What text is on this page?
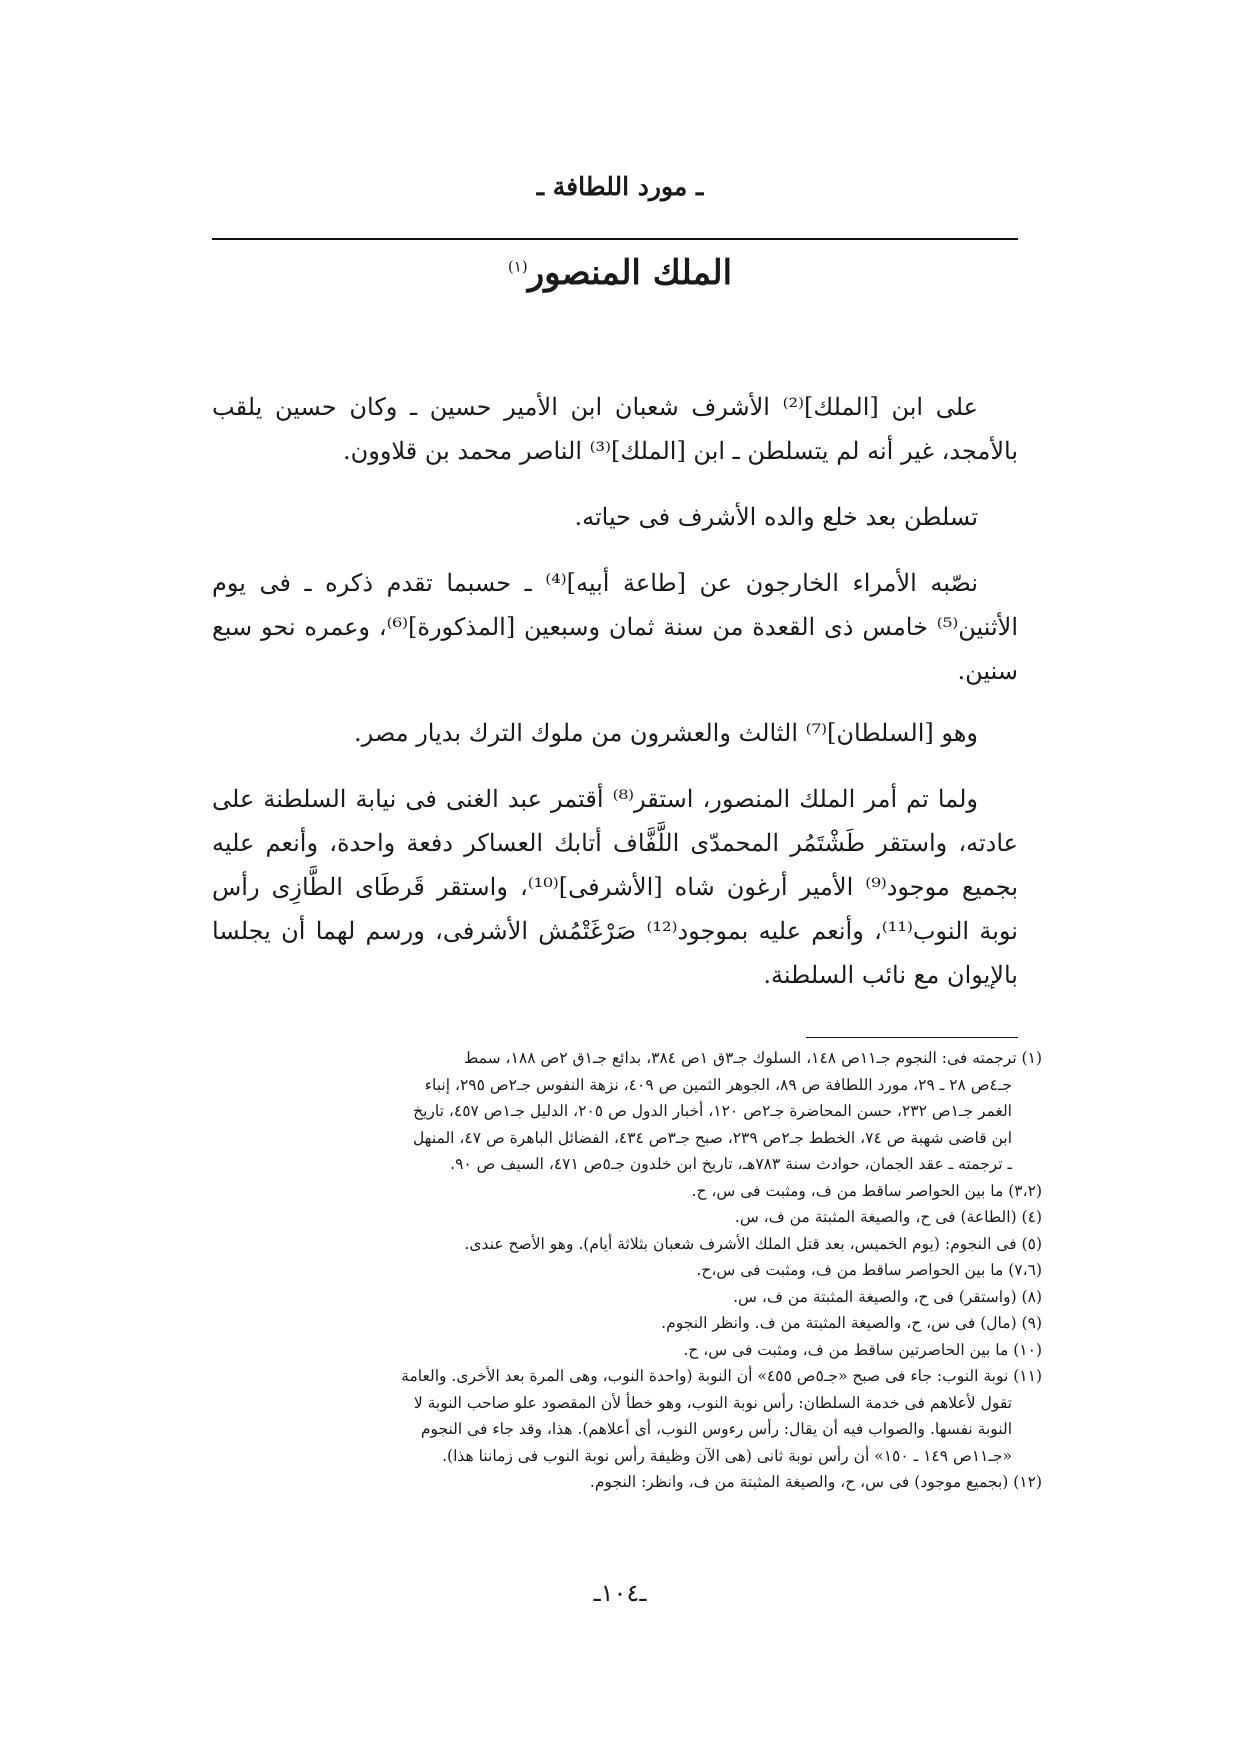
ـ مورد اللطافة ـ
الملك المنصور$^{(١)}$

على ابن [الملك]⁽²⁾ الأشرف شعبان ابن الأمير حسين ـ وكان حسين يلقب بالأمجد، غير أنه لم يتسلطن ـ ابن [الملك]⁽³⁾ الناصر محمد بن قلاوون.

تسلطن بعد خلع والده الأشرف فى حياته.

نصّبه الأمراء الخارجون عن [طاعة أبيه]⁽⁴⁾ ـ حسبما تقدم ذكره ـ فى يوم الأثنين⁽⁵⁾ خامس ذى القعدة من سنة ثمان وسبعين [المذكورة]⁽⁶⁾، وعمره نحو سبع سنين.

وهو [السلطان]⁽⁷⁾ الثالث والعشرون من ملوك الترك بديار مصر.

ولما تم أمر الملك المنصور، استقر⁽⁸⁾ أقتمر عبد الغنى فى نيابة السلطنة على عادته، واستقر طَشْتَمُر المحمدّى اللَّفَّاف أتابك العساكر دفعة واحدة، وأنعم عليه بجميع موجود⁽⁹⁾ الأمير أرغون شاه [الأشرفى]⁽¹⁰⁾، واستقر قَرطَاى الطَّازِى رأس نوبة النوب⁽¹¹⁾، وأنعم عليه بموجود⁽¹²⁾ صَرْغَتْمُش الأشرفى، ورسم لهما أن يجلسا بالإيوان مع نائب السلطنة.

(١) ترجمته فى: النجوم جـ١١ص ١٤٨، السلوك جـ٣ق ١ص ٣٨٤، بدائع جـ١ق ٢ص ١٨٨، سمط
جـ٤ص ٢٨ ـ ٢٩، مورد اللطافة ص ٨٩، الجوهر الثمين ص ٤٠٩، نزهة النفوس جـ٢ص ٢٩٥، إنباء
الغمر جـ١ص ٢٣٢، حسن المحاضرة جـ٢ص ١٢٠، أخبار الدول ص ٢٠٥، الدليل جـ١ص ٤٥٧، تاريخ
ابن قاضى شهبة ص ٧٤، الخطط جـ٢ص ٢٣٩، صبح جـ٣ص ٤٣٤، الفضائل الباهرة ص ٤٧، المنهل
ـ ترجمته ـ عقد الجمان، حوادث سنة ٧٨٣هـ، تاريخ ابن خلدون جـ٥ص ٤٧١، السيف ص ٩٠.
(٣،٢) ما بين الحواصر ساقط من ف، ومثبت فى س، ح.
(٤) (الطاعة) فى ح، والصيغة المثبتة من ف، س.
(٥) فى النجوم: (يوم الخميس، بعد قتل الملك الأشرف شعبان بثلاثة أيام). وهو الأصح عندى.
(٧،٦) ما بين الحواصر ساقط من ف، ومثبت فى س،ح.
(٨) (واستقر) فى ح، والصيغة المثبتة من ف، س.
(٩) (مال) فى س، ح، والصيغة المثبتة من ف. وانظر النجوم.
(١٠) ما بين الحاصرتين ساقط من ف، ومثبت فى س، ح.
(١١) نوبة النوب: جاء فى صبح «جـ٥ص ٤٥٥» أن النوبة (واحدة النوب، وهى المرة بعد الأخرى. والعامة
تقول لأعلاهم فى خدمة السلطان: رأس نوبة النوب، وهو خطأ لأن المقصود علو صاحب النوبة لا
النوبة نفسها. والصواب فيه أن يقال: رأس رءوس النوب، أى أعلاهم). هذا، وقد جاء فى النجوم
«جـ١١ص ١٤٩ ـ ١٥٠» أن رأس نوبة ثانى (هى الآن وظيفة رأس نوبة النوب فى زماننا هذا).
(١٢) (بجميع موجود) فى س، ح، والصيغة المثبتة من ف، وانظر: النجوم.
ـ١٠٤ـ
